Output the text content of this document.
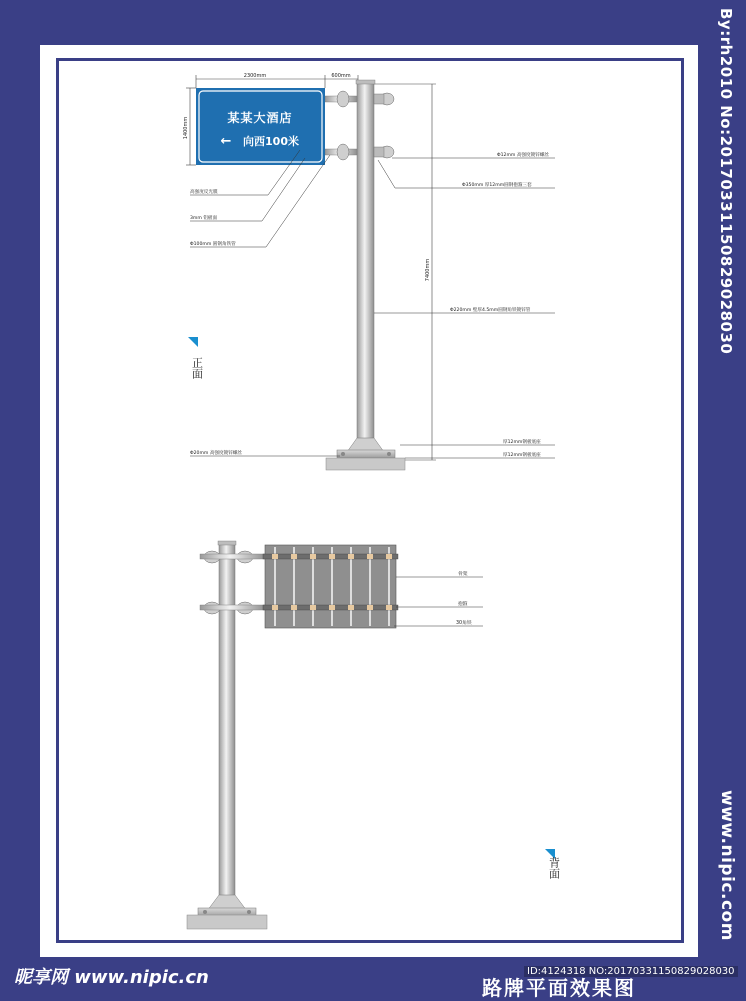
2300mm	600mm
1400mm
7400mm
某某大酒店
← 向西100米
高强度反光膜
3mm 铝板面
Φ100mm 圆钢角铁管
Φ20mm 高强度镀锌螺丝
Φ12mm 高强度镀锌螺丝
Φ350mm 厚12mm圆钢抱箍三套
Φ220mm 壁厚4.5mm圆钢角铁镀锌管
厚12mm钢板底座
厚12mm钢板底座
正面
骨架
抱箍
30角铁
背面
By:rh2010 No:20170331150829028030
www.nipic.com
昵享网 www.nipic.cn	路牌平面效果图
ID:4124318 NO:20170331150829028030
